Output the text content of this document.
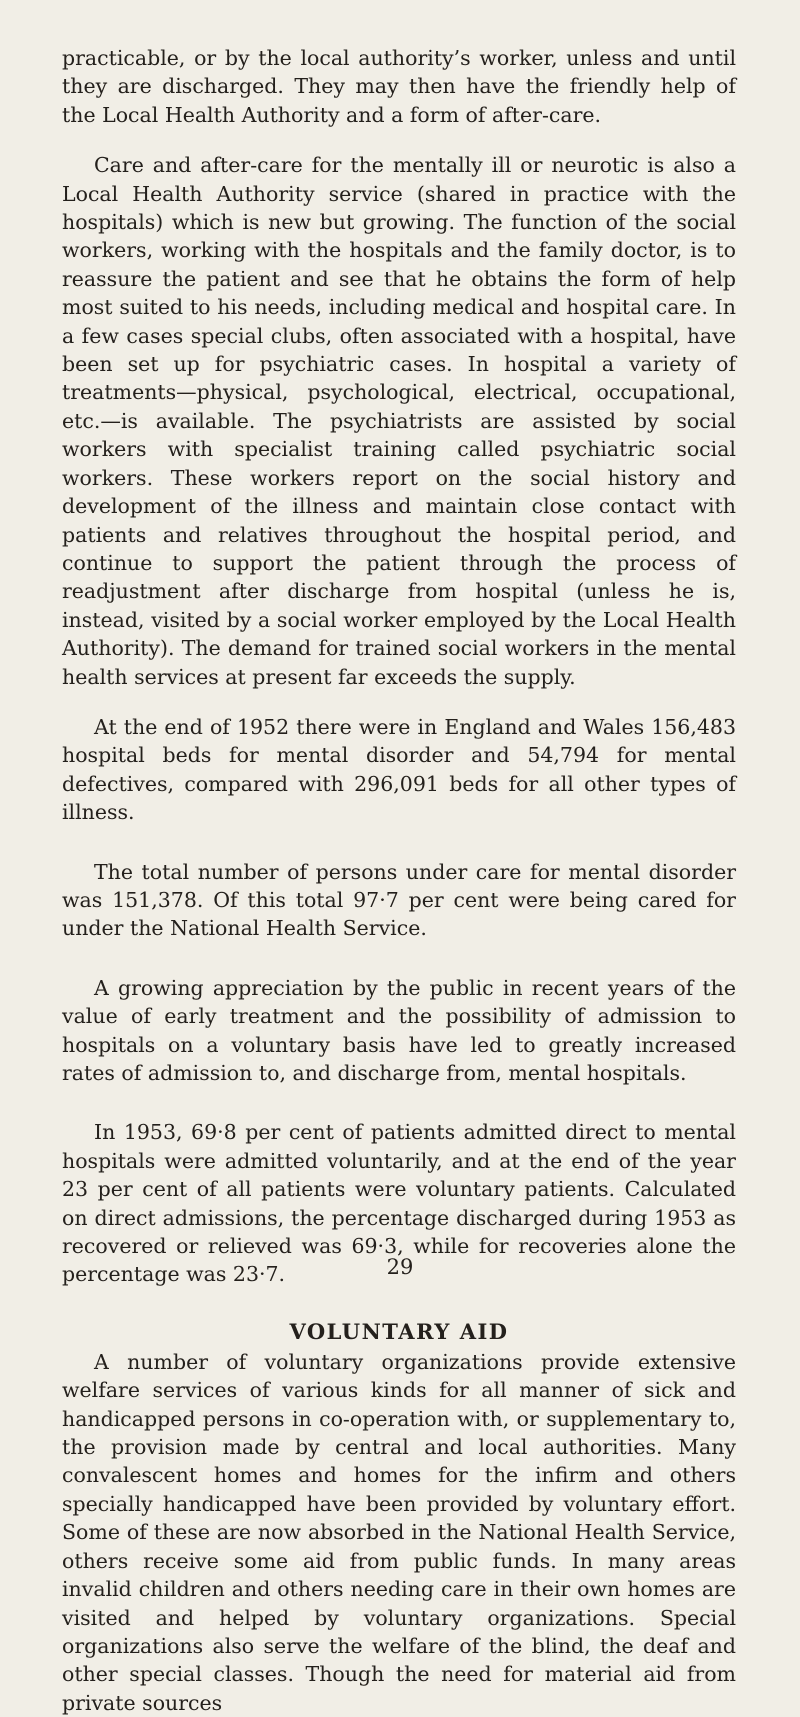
practicable, or by the local authority’s worker, unless and until they are discharged. They may then have the friendly help of the Local Health Authority and a form of after-care.

Care and after-care for the mentally ill or neurotic is also a Local Health Authority service (shared in practice with the hospitals) which is new but growing. The function of the social workers, working with the hospitals and the family doctor, is to reassure the patient and see that he obtains the form of help most suited to his needs, including medical and hospital care. In a few cases special clubs, often associated with a hospital, have been set up for psychiatric cases. In hospital a variety of treatments—physical, psychological, electrical, occupational, etc.—is available. The psychiatrists are assisted by social workers with specialist training called psychiatric social workers. These workers report on the social history and development of the illness and maintain close contact with patients and relatives throughout the hospital period, and continue to support the patient through the process of readjustment after discharge from hospital (unless he is, instead, visited by a social worker employed by the Local Health Authority). The demand for trained social workers in the mental health services at present far exceeds the supply.

At the end of 1952 there were in England and Wales 156,483 hospital beds for mental disorder and 54,794 for mental defectives, compared with 296,091 beds for all other types of illness.

The total number of persons under care for mental disorder was 151,378. Of this total 97·7 per cent were being cared for under the National Health Service.

A growing appreciation by the public in recent years of the value of early treatment and the possibility of admission to hospitals on a voluntary basis have led to greatly increased rates of admission to, and discharge from, mental hospitals.

In 1953, 69·8 per cent of patients admitted direct to mental hospitals were admitted voluntarily, and at the end of the year 23 per cent of all patients were voluntary patients. Calculated on direct admissions, the percentage discharged during 1953 as recovered or relieved was 69·3, while for recoveries alone the percentage was 23·7.

VOLUNTARY AID

A number of voluntary organizations provide extensive welfare services of various kinds for all manner of sick and handicapped persons in co-operation with, or supplementary to, the provision made by central and local authorities. Many convalescent homes and homes for the infirm and others specially handicapped have been provided by voluntary effort. Some of these are now absorbed in the National Health Service, others receive some aid from public funds. In many areas invalid children and others needing care in their own homes are visited and helped by voluntary organizations. Special organizations also serve the welfare of the blind, the deaf and other special classes. Though the need for material aid from private sources

29
